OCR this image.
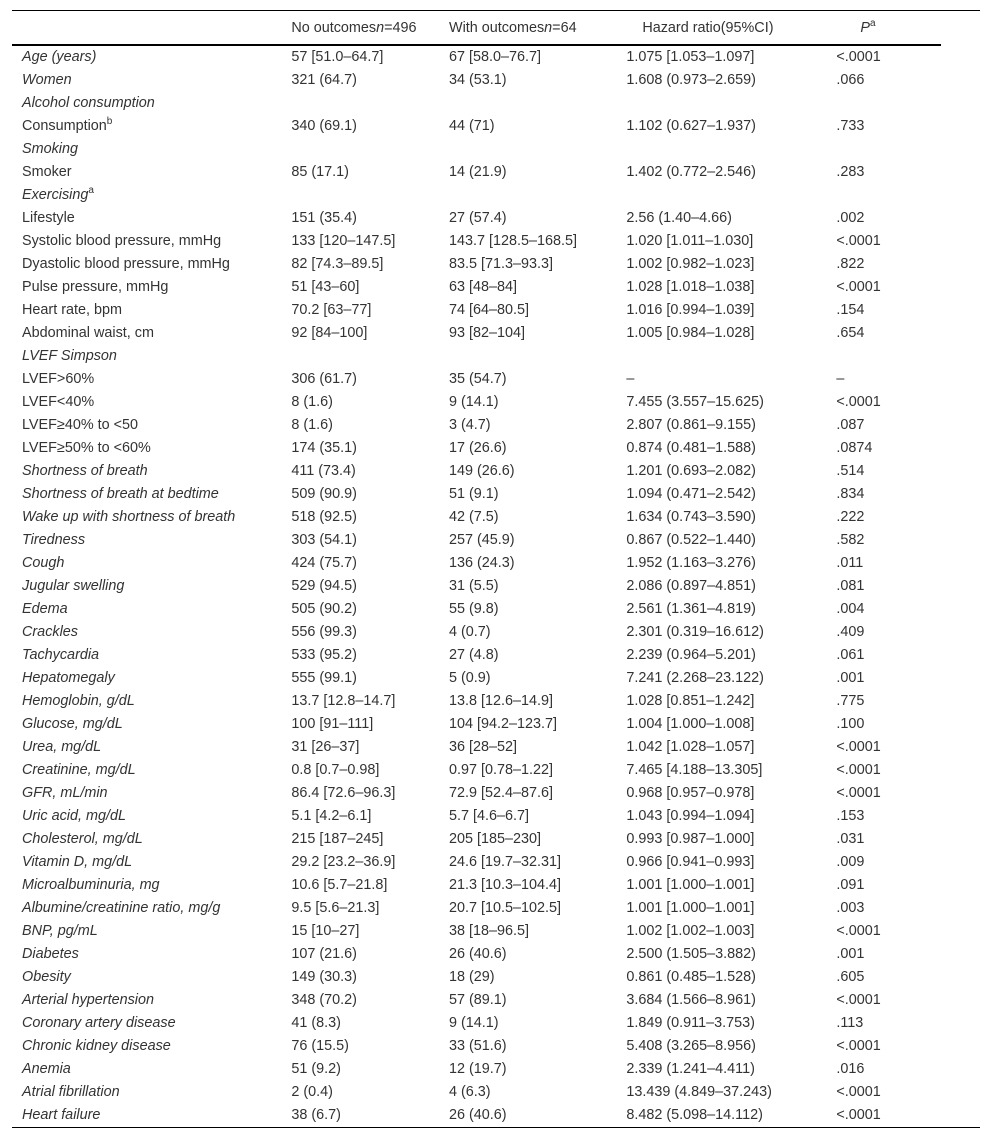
	No outcomesn=496	With outcomesn=64	Hazard ratio(95%CI)	$P^a$	
Age (years)	57 [51.0–64.7]	67 [58.0–76.7]	1.075 [1.053–1.097]	<.0001	
Women	321 (64.7)	34 (53.1)	1.608 (0.973–2.659)	.066	
Alcohol consumption					
Consumption$^b$	340 (69.1)	44 (71)	1.102 (0.627–1.937)	.733	
Smoking					
Smoker	85 (17.1)	14 (21.9)	1.402 (0.772–2.546)	.283	
Exercising$^a$					
Lifestyle	151 (35.4)	27 (57.4)	2.56 (1.40–4.66)	.002	
Systolic blood pressure, mmHg	133 [120–147.5]	143.7 [128.5–168.5]	1.020 [1.011–1.030]	<.0001	
Dyastolic blood pressure, mmHg	82 [74.3–89.5]	83.5 [71.3–93.3]	1.002 [0.982–1.023]	.822	
Pulse pressure, mmHg	51 [43–60]	63 [48–84]	1.028 [1.018–1.038]	<.0001	
Heart rate, bpm	70.2 [63–77]	74 [64–80.5]	1.016 [0.994–1.039]	.154	
Abdominal waist, cm	92 [84–100]	93 [82–104]	1.005 [0.984–1.028]	.654	
LVEF Simpson					
LVEF>60%	306 (61.7)	35 (54.7)	–	–	
LVEF<40%	8 (1.6)	9 (14.1)	7.455 (3.557–15.625)	<.0001	
LVEF≥40% to <50	8 (1.6)	3 (4.7)	2.807 (0.861–9.155)	.087	
LVEF≥50% to <60%	174 (35.1)	17 (26.6)	0.874 (0.481–1.588)	.0874	
Shortness of breath	411 (73.4)	149 (26.6)	1.201 (0.693–2.082)	.514	
Shortness of breath at bedtime	509 (90.9)	51 (9.1)	1.094 (0.471–2.542)	.834	
Wake up with shortness of breath	518 (92.5)	42 (7.5)	1.634 (0.743–3.590)	.222	
Tiredness	303 (54.1)	257 (45.9)	0.867 (0.522–1.440)	.582	
Cough	424 (75.7)	136 (24.3)	1.952 (1.163–3.276)	.011	
Jugular swelling	529 (94.5)	31 (5.5)	2.086 (0.897–4.851)	.081	
Edema	505 (90.2)	55 (9.8)	2.561 (1.361–4.819)	.004	
Crackles	556 (99.3)	4 (0.7)	2.301 (0.319–16.612)	.409	
Tachycardia	533 (95.2)	27 (4.8)	2.239 (0.964–5.201)	.061	
Hepatomegaly	555 (99.1)	5 (0.9)	7.241 (2.268–23.122)	.001	
Hemoglobin, g/dL	13.7 [12.8–14.7]	13.8 [12.6–14.9]	1.028 [0.851–1.242]	.775	
Glucose, mg/dL	100 [91–111]	104 [94.2–123.7]	1.004 [1.000–1.008]	.100	
Urea, mg/dL	31 [26–37]	36 [28–52]	1.042 [1.028–1.057]	<.0001	
Creatinine, mg/dL	0.8 [0.7–0.98]	0.97 [0.78–1.22]	7.465 [4.188–13.305]	<.0001	
GFR, mL/min	86.4 [72.6–96.3]	72.9 [52.4–87.6]	0.968 [0.957–0.978]	<.0001	
Uric acid, mg/dL	5.1 [4.2–6.1]	5.7 [4.6–6.7]	1.043 [0.994–1.094]	.153	
Cholesterol, mg/dL	215 [187–245]	205 [185–230]	0.993 [0.987–1.000]	.031	
Vitamin D, mg/dL	29.2 [23.2–36.9]	24.6 [19.7–32.31]	0.966 [0.941–0.993]	.009	
Microalbuminuria, mg	10.6 [5.7–21.8]	21.3 [10.3–104.4]	1.001 [1.000–1.001]	.091	
Albumine/creatinine ratio, mg/g	9.5 [5.6–21.3]	20.7 [10.5–102.5]	1.001 [1.000–1.001]	.003	
BNP, pg/mL	15 [10–27]	38 [18–96.5]	1.002 [1.002–1.003]	<.0001	
Diabetes	107 (21.6)	26 (40.6)	2.500 (1.505–3.882)	.001	
Obesity	149 (30.3)	18 (29)	0.861 (0.485–1.528)	.605	
Arterial hypertension	348 (70.2)	57 (89.1)	3.684 (1.566–8.961)	<.0001	
Coronary artery disease	41 (8.3)	9 (14.1)	1.849 (0.911–3.753)	.113	
Chronic kidney disease	76 (15.5)	33 (51.6)	5.408 (3.265–8.956)	<.0001	
Anemia	51 (9.2)	12 (19.7)	2.339 (1.241–4.411)	.016	
Atrial fibrillation	2 (0.4)	4 (6.3)	13.439 (4.849–37.243)	<.0001	
Heart failure	38 (6.7)	26 (40.6)	8.482 (5.098–14.112)	<.0001	
